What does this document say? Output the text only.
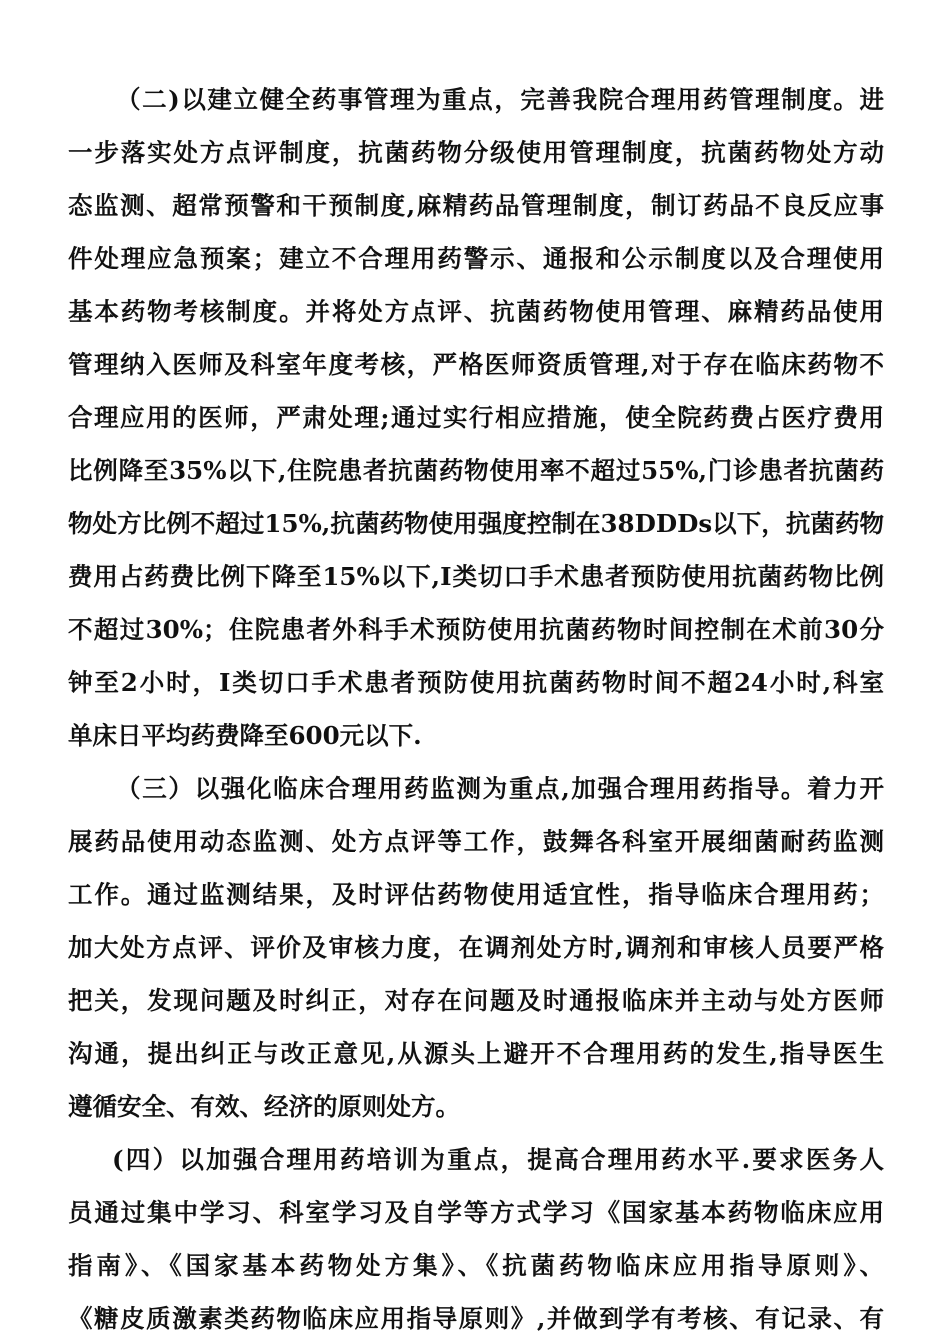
（二)以建立健全药事管理为重点，完善我院合理用药管理制度。进
一步落实处方点评制度，抗菌药物分级使用管理制度，抗菌药物处方动
态监测、超常预警和干预制度,麻精药品管理制度，制订药品不良反应事
件处理应急预案；建立不合理用药警示、通报和公示制度以及合理使用
基本药物考核制度。并将处方点评、抗菌药物使用管理、麻精药品使用
管理纳入医师及科室年度考核，严格医师资质管理,对于存在临床药物不
合理应用的医师，严肃处理;通过实行相应措施，使全院药费占医疗费用
比例降至35%以下,住院患者抗菌药物使用率不超过55%,门诊患者抗菌药
物处方比例不超过15%,抗菌药物使用强度控制在38DDDs以下，抗菌药物
费用占药费比例下降至15%以下,I类切口手术患者预防使用抗菌药物比例
不超过30%；住院患者外科手术预防使用抗菌药物时间控制在术前30分
钟至2小时，I类切口手术患者预防使用抗菌药物时间不超24小时,科室
单床日平均药费降至600元以下.
（三）以强化临床合理用药监测为重点,加强合理用药指导。着力开
展药品使用动态监测、处方点评等工作，鼓舞各科室开展细菌耐药监测
工作。通过监测结果，及时评估药物使用适宜性，指导临床合理用药；
加大处方点评、评价及审核力度，在调剂处方时,调剂和审核人员要严格
把关，发现问题及时纠正，对存在问题及时通报临床并主动与处方医师
沟通，提出纠正与改正意见,从源头上避开不合理用药的发生,指导医生
遵循安全、有效、经济的原则处方。
(四）以加强合理用药培训为重点，提高合理用药水平.要求医务人
员通过集中学习、科室学习及自学等方式学习《国家基本药物临床应用
指南》、《国家基本药物处方集》、《抗菌药物临床应用指导原则》、
《糖皮质激素类药物临床应用指导原则》,并做到学有考核、有记录、有
